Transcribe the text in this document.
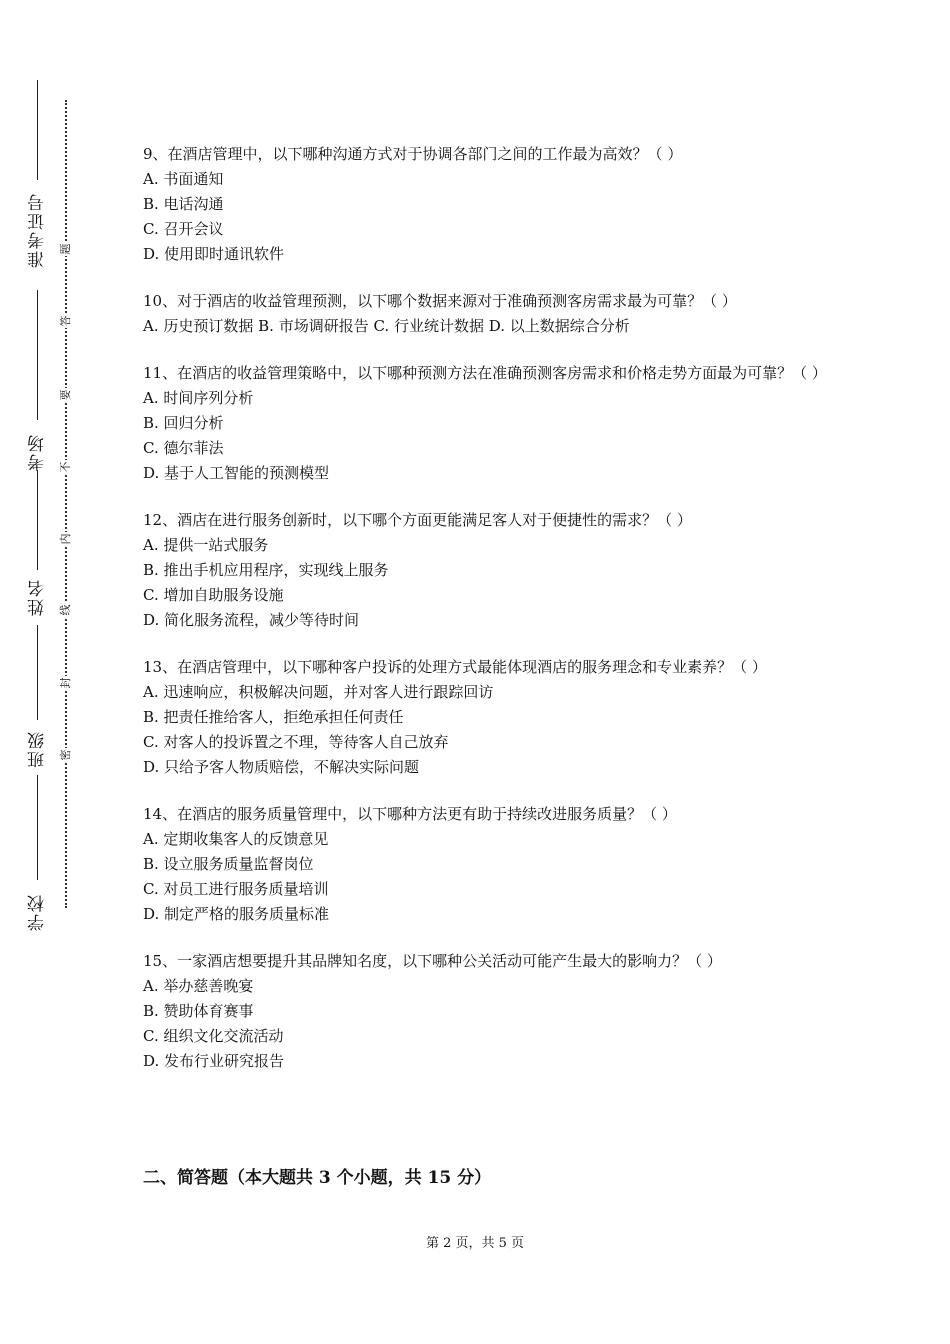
准考证号
考场
姓名
班级
学校
题
答
要
不
内
线
封
密
9、在酒店管理中，以下哪种沟通方式对于协调各部门之间的工作最为高效？（ ）
A. 书面通知
B. 电话沟通
C. 召开会议
D. 使用即时通讯软件
10、对于酒店的收益管理预测，以下哪个数据来源对于准确预测客房需求最为可靠？（ ）
A. 历史预订数据 B. 市场调研报告 C. 行业统计数据 D. 以上数据综合分析
11、在酒店的收益管理策略中，以下哪种预测方法在准确预测客房需求和价格走势方面最为可靠？（ ）
A. 时间序列分析
B. 回归分析
C. 德尔菲法
D. 基于人工智能的预测模型
12、酒店在进行服务创新时，以下哪个方面更能满足客人对于便捷性的需求？（ ）
A. 提供一站式服务
B. 推出手机应用程序，实现线上服务
C. 增加自助服务设施
D. 简化服务流程，减少等待时间
13、在酒店管理中，以下哪种客户投诉的处理方式最能体现酒店的服务理念和专业素养？（ ）
A. 迅速响应，积极解决问题，并对客人进行跟踪回访
B. 把责任推给客人，拒绝承担任何责任
C. 对客人的投诉置之不理，等待客人自己放弃
D. 只给予客人物质赔偿，不解决实际问题
14、在酒店的服务质量管理中，以下哪种方法更有助于持续改进服务质量？（ ）
A. 定期收集客人的反馈意见
B. 设立服务质量监督岗位
C. 对员工进行服务质量培训
D. 制定严格的服务质量标准
15、一家酒店想要提升其品牌知名度，以下哪种公关活动可能产生最大的影响力？（ ）
A. 举办慈善晚宴
B. 赞助体育赛事
C. 组织文化交流活动
D. 发布行业研究报告
二、简答题（本大题共 3 个小题，共 15 分）
第 2 页，共 5 页
